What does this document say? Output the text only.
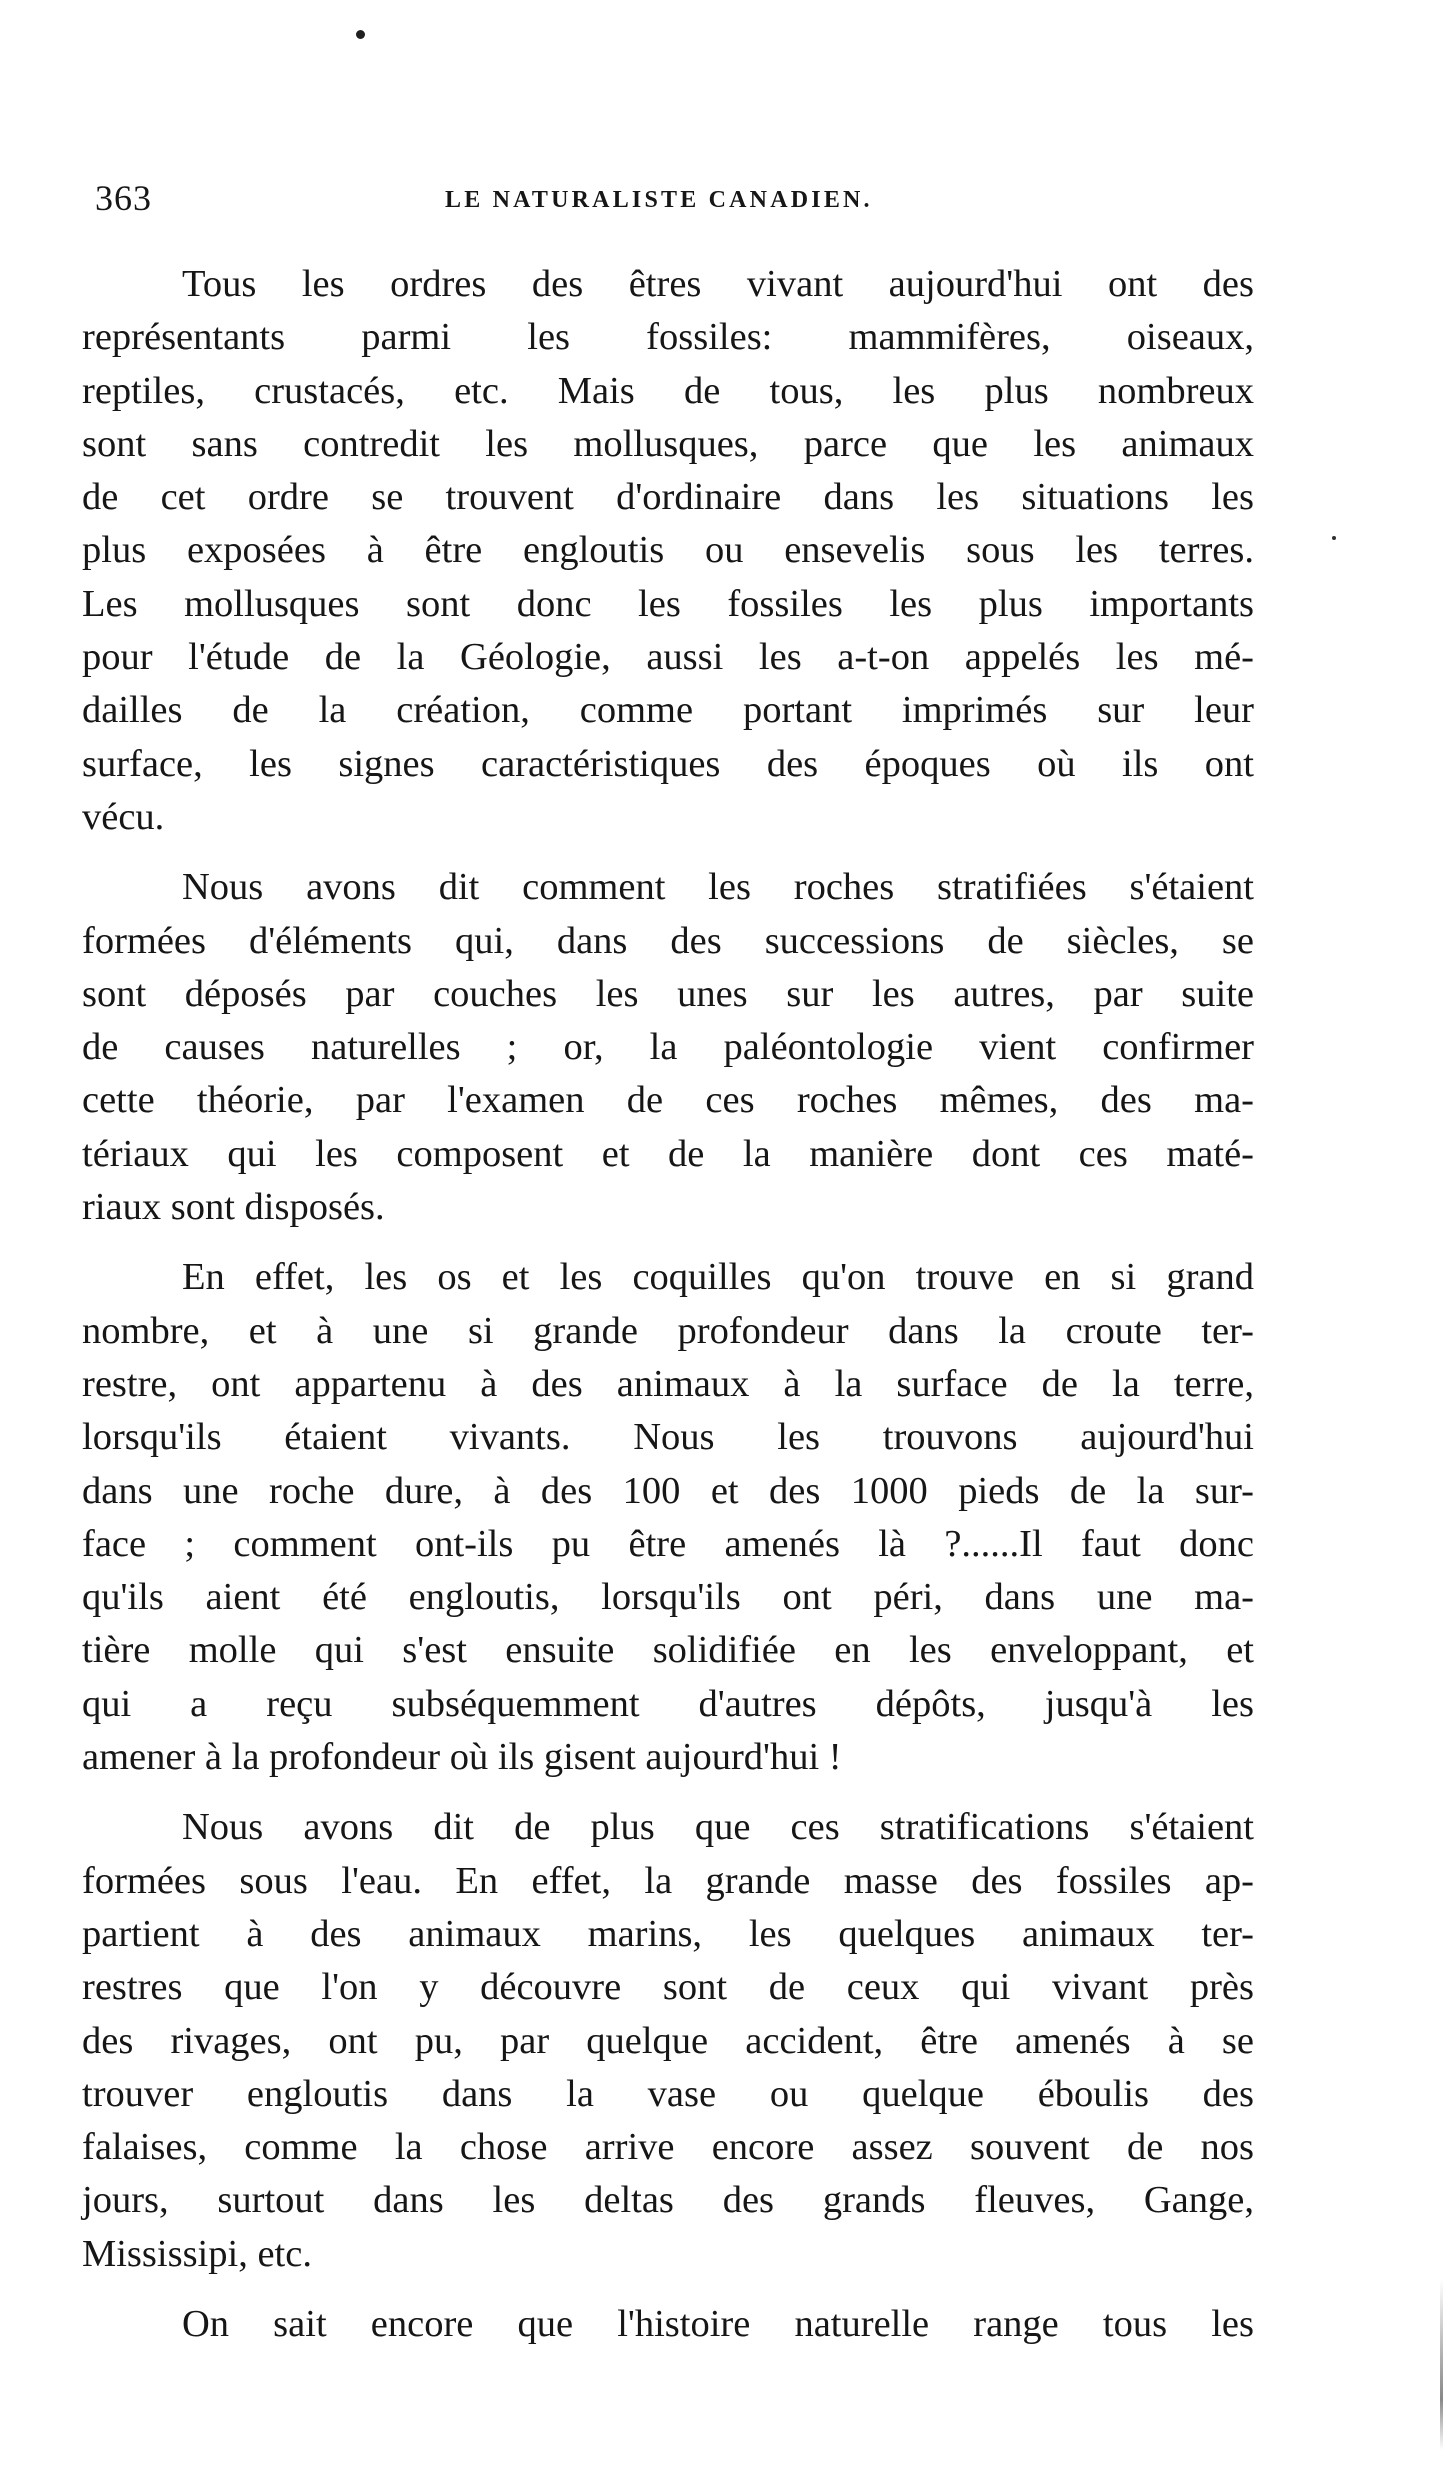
363	LE NATURALISTE CANADIEN.

Tous les ordres des êtres vivant aujourd'hui ont des
représentants parmi les fossiles: mammifères, oiseaux,
reptiles, crustacés, etc. Mais de tous, les plus nombreux
sont sans contredit les mollusques, parce que les animaux
de cet ordre se trouvent d'ordinaire dans les situations les
plus exposées à être engloutis ou ensevelis sous les terres.
Les mollusques sont donc les fossiles les plus importants
pour l'étude de la Géologie, aussi les a-t-on appelés les mé-
dailles de la création, comme portant imprimés sur leur
surface, les signes caractéristiques des époques où ils ont
vécu.

Nous avons dit comment les roches stratifiées s'étaient
formées d'éléments qui, dans des successions de siècles, se
sont déposés par couches les unes sur les autres, par suite
de causes naturelles ; or, la paléontologie vient confirmer
cette théorie, par l'examen de ces roches mêmes, des ma-
tériaux qui les composent et de la manière dont ces maté-
riaux sont disposés.

En effet, les os et les coquilles qu'on trouve en si grand
nombre, et à une si grande profondeur dans la croute ter-
restre, ont appartenu à des animaux à la surface de la terre,
lorsqu'ils étaient vivants. Nous les trouvons aujourd'hui
dans une roche dure, à des 100 et des 1000 pieds de la sur-
face ; comment ont-ils pu être amenés là ?......Il faut donc
qu'ils aient été engloutis, lorsqu'ils ont péri, dans une ma-
tière molle qui s'est ensuite solidifiée en les enveloppant, et
qui a reçu subséquemment d'autres dépôts, jusqu'à les
amener à la profondeur où ils gisent aujourd'hui !

Nous avons dit de plus que ces stratifications s'étaient
formées sous l'eau. En effet, la grande masse des fossiles ap-
partient à des animaux marins, les quelques animaux ter-
restres que l'on y découvre sont de ceux qui vivant près
des rivages, ont pu, par quelque accident, être amenés à se
trouver engloutis dans la vase ou quelque éboulis des
falaises, comme la chose arrive encore assez souvent de nos
jours, surtout dans les deltas des grands fleuves, Gange,
Mississipi, etc.

On sait encore que l'histoire naturelle range tous les
